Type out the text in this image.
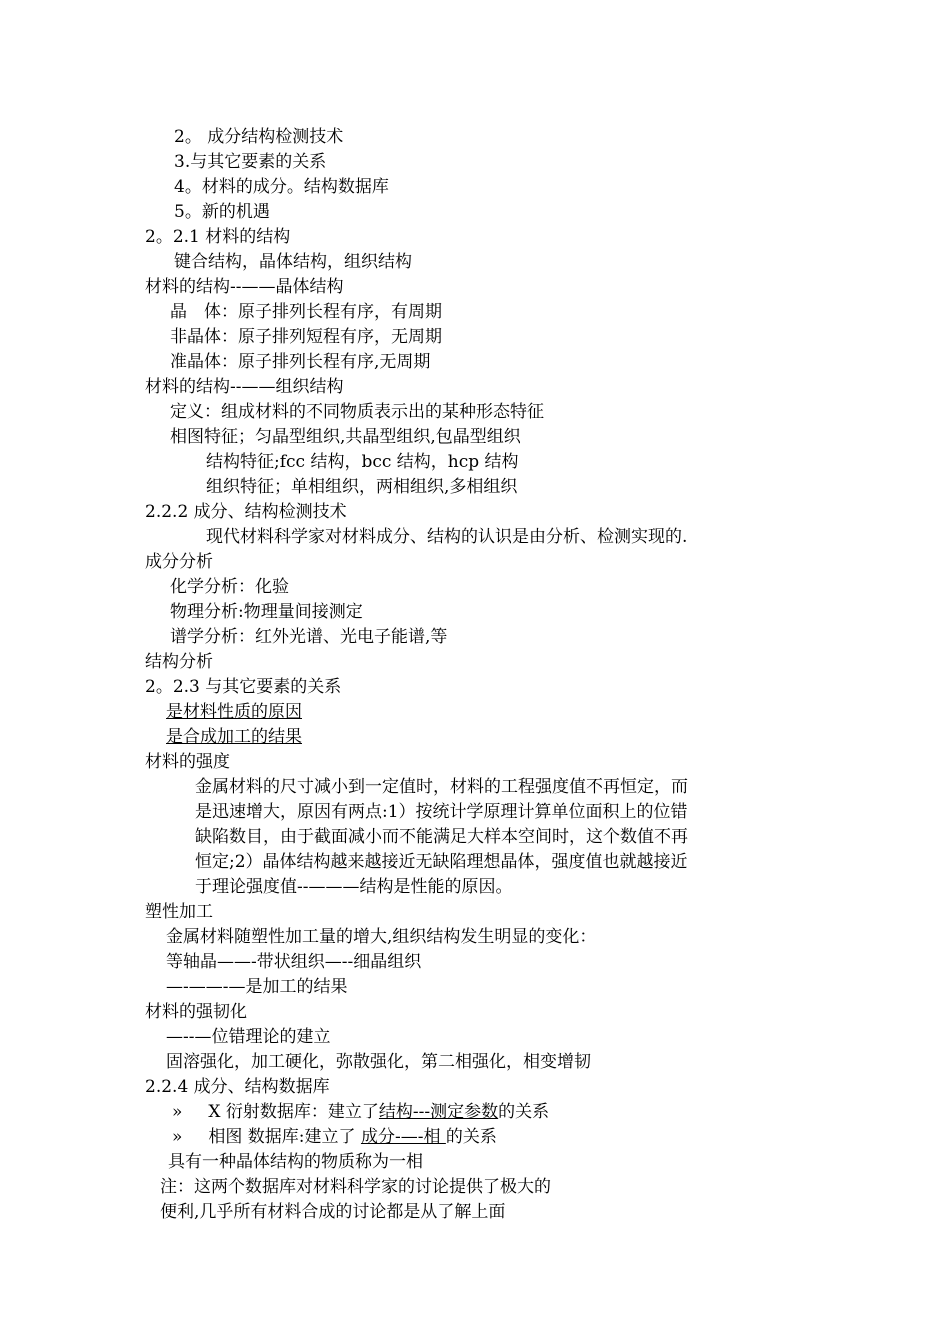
2。 成分结构检测技术
3.与其它要素的关系
4。材料的成分。结构数据库
5。新的机遇
2。2.1 材料的结构
键合结构，晶体结构，组织结构
材料的结构--——晶体结构
晶　体：原子排列长程有序，有周期
非晶体：原子排列短程有序，无周期
准晶体：原子排列长程有序,无周期
材料的结构--——组织结构
定义：组成材料的不同物质表示出的某种形态特征
相图特征；匀晶型组织,共晶型组织,包晶型组织
结构特征;fcc 结构，bcc 结构，hcp 结构
组织特征；单相组织，两相组织,多相组织
2.2.2 成分、结构检测技术
现代材料科学家对材料成分、结构的认识是由分析、检测实现的.
成分分析
化学分析：化验
物理分析:物理量间接测定
谱学分析：红外光谱、光电子能谱,等
结构分析
2。2.3 与其它要素的关系
是材料性质的原因
是合成加工的结果
材料的强度
金属材料的尺寸减小到一定值时，材料的工程强度值不再恒定，而
是迅速增大，原因有两点:1）按统计学原理计算单位面积上的位错
缺陷数目，由于截面减小而不能满足大样本空间时，这个数值不再
恒定;2）晶体结构越来越接近无缺陷理想晶体，强度值也就越接近
于理论强度值--———结构是性能的原因。
塑性加工
金属材料随塑性加工量的增大,组织结构发生明显的变化：
等轴晶——-带状组织—--细晶组织
—-——-—是加工的结果
材料的强韧化
—--—位错理论的建立
固溶强化，加工硬化，弥散强化，第二相强化，相变增韧
2.2.4 成分、结构数据库
» X 衍射数据库：建立了结构---测定参数的关系
» 相图 数据库:建立了 成分-—-相 的关系
具有一种晶体结构的物质称为一相
注：这两个数据库对材料科学家的讨论提供了极大的
便利,几乎所有材料合成的讨论都是从了解上面
